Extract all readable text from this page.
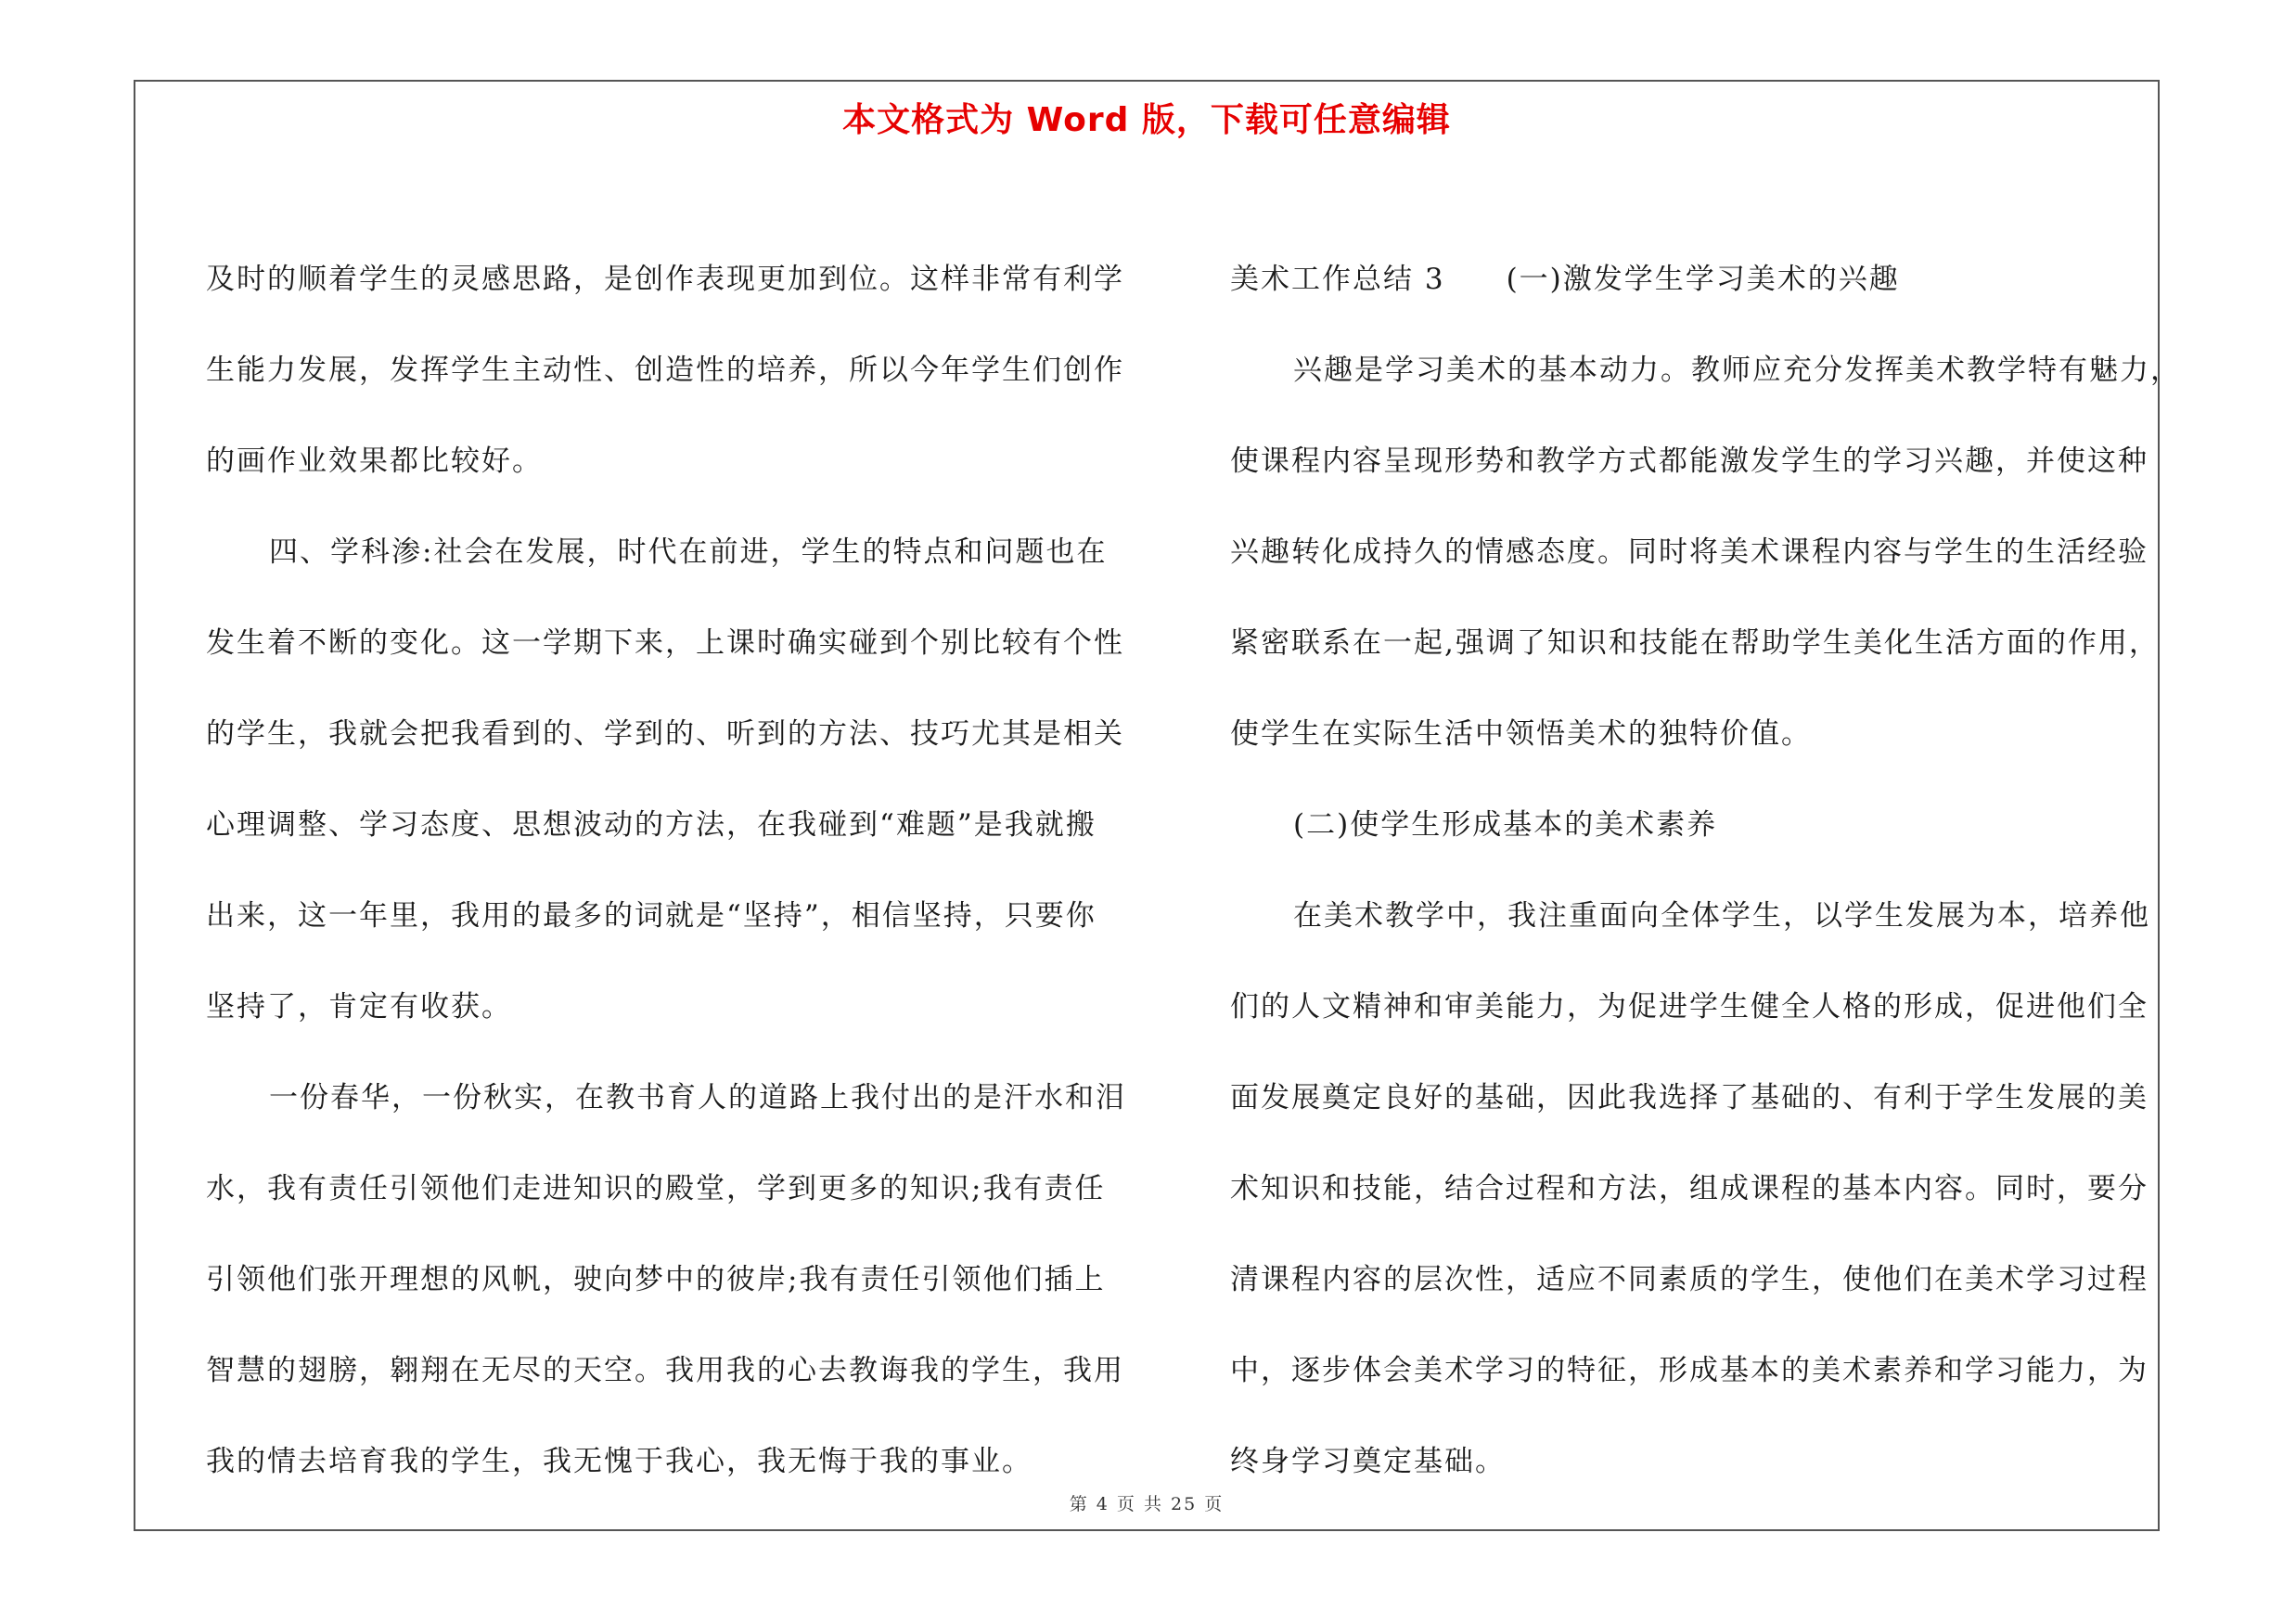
本文格式为 Word 版，下载可任意编辑
及时的顺着学生的灵感思路，是创作表现更加到位。这样非常有利学
生能力发展，发挥学生主动性、创造性的培养，所以今年学生们创作
的画作业效果都比较好。
四、学科渗:社会在发展，时代在前进，学生的特点和问题也在
发生着不断的变化。这一学期下来，上课时确实碰到个别比较有个性
的学生，我就会把我看到的、学到的、听到的方法、技巧尤其是相关
心理调整、学习态度、思想波动的方法，在我碰到“难题”是我就搬
出来，这一年里，我用的最多的词就是“坚持”，相信坚持，只要你
坚持了，肯定有收获。
一份春华，一份秋实，在教书育人的道路上我付出的是汗水和泪
水，我有责任引领他们走进知识的殿堂，学到更多的知识;我有责任
引领他们张开理想的风帆，驶向梦中的彼岸;我有责任引领他们插上
智慧的翅膀，翱翔在无尽的天空。我用我的心去教诲我的学生，我用
我的情去培育我的学生，我无愧于我心，我无悔于我的事业。
美术工作总结 3 (一)激发学生学习美术的兴趣
兴趣是学习美术的基本动力。教师应充分发挥美术教学特有魅力，
使课程内容呈现形势和教学方式都能激发学生的学习兴趣，并使这种
兴趣转化成持久的情感态度。同时将美术课程内容与学生的生活经验
紧密联系在一起,强调了知识和技能在帮助学生美化生活方面的作用，
使学生在实际生活中领悟美术的独特价值。
(二)使学生形成基本的美术素养
在美术教学中，我注重面向全体学生，以学生发展为本，培养他
们的人文精神和审美能力，为促进学生健全人格的形成，促进他们全
面发展奠定良好的基础，因此我选择了基础的、有利于学生发展的美
术知识和技能，结合过程和方法，组成课程的基本内容。同时，要分
清课程内容的层次性，适应不同素质的学生，使他们在美术学习过程
中，逐步体会美术学习的特征，形成基本的美术素养和学习能力，为
终身学习奠定基础。
第 4 页 共 25 页
